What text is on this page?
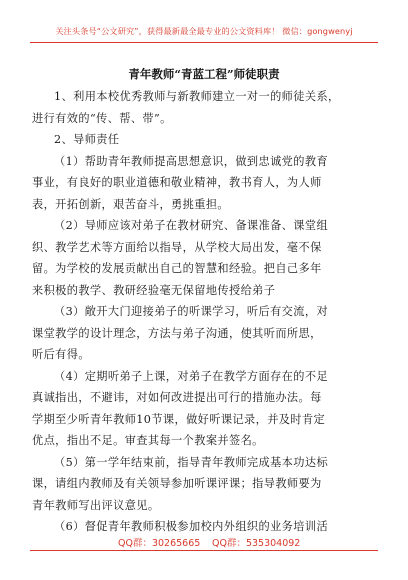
关注头条号“公文研究”，获得最新最全最专业的公文资料库！ 微信：gongwenyj
青年教师“青蓝工程”师徒职责
1、利用本校优秀教师与新教师建立一对一的师徒关系，
进行有效的“传、帮、带”。
2、导师责任
（1）帮助青年教师提高思想意识，做到忠诚党的教育
事业，有良好的职业道德和敬业精神，教书育人，为人师
表，开拓创新，艰苦奋斗，勇挑重担。
（2）导师应该对弟子在教材研究、备课准备、课堂组
织、教学艺术等方面给以指导，从学校大局出发，毫不保
留。为学校的发展贡献出自己的智慧和经验。把自己多年
来积极的教学、教研经验毫无保留地传授给弟子
（3）敞开大门迎接弟子的听课学习，听后有交流，对
课堂教学的设计理念，方法与弟子沟通，使其听而所思，
听后有得。
（4）定期听弟子上课，对弟子在教学方面存在的不足
真诚指出，不避讳，对如何改进提出可行的措施办法。每
学期至少听青年教师10节课，做好听课记录，并及时肯定
优点，指出不足。审查其每一个教案并签名。
（5）第一学年结束前，指导青年教师完成基本功达标
课，请组内教师及有关领导参加听课评课；指导教师要为
青年教师写出评议意见。
（6）督促青年教师积极参加校内外组织的业务培训活
QQ群：30265665 QQ群：535304092
